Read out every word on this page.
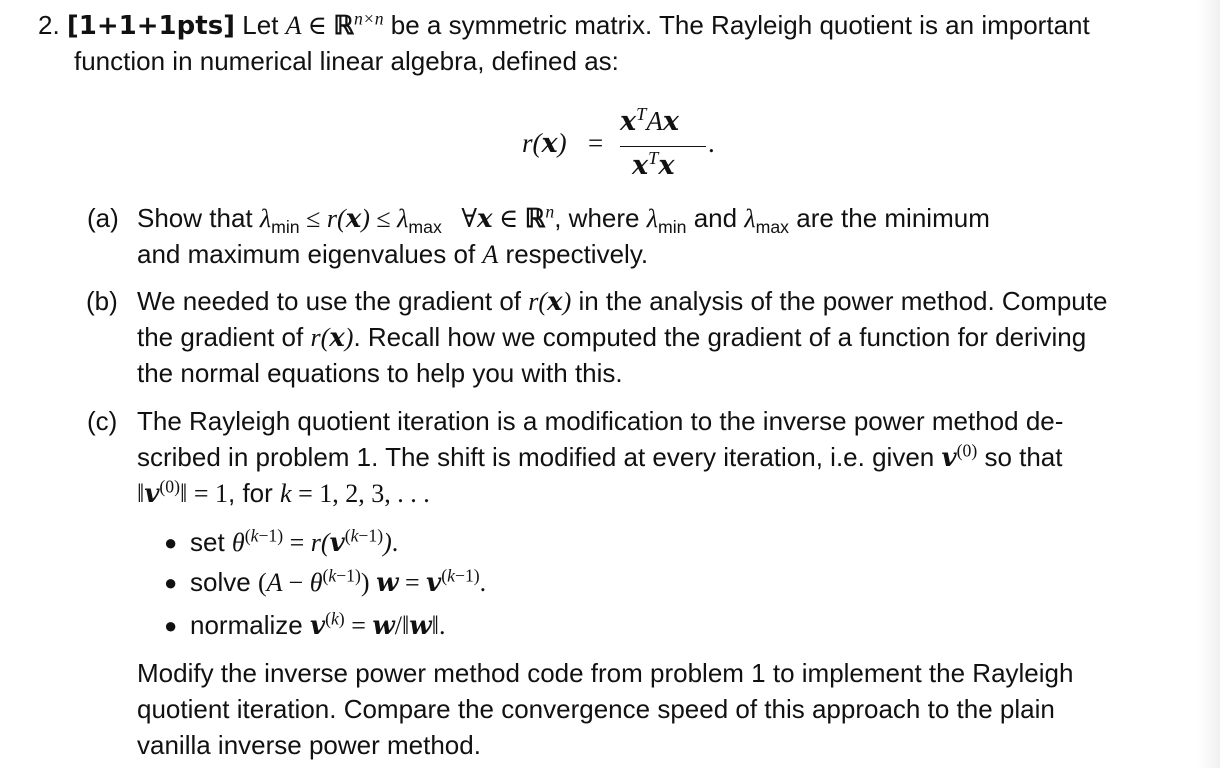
2. [1+1+1pts] Let A ∈ ℝ$^{n\times n}$ be a symmetric matrix. The Rayleigh quotient is an important
function in numerical linear algebra, defined as:
r(x) =
$x^TAx$
$x^Tx$
.
(a) Show that $\lambda_{min} \le r(x) \le \lambda_{max}$ ∀x ∈ ℝ$^n$, where $\lambda_{min}$ and $\lambda_{max}$ are the minimum
and maximum eigenvalues of A respectively.
(b) We needed to use the gradient of r(x) in the analysis of the power method. Compute
the gradient of r(x). Recall how we computed the gradient of a function for deriving
the normal equations to help you with this.
(c) The Rayleigh quotient iteration is a modification to the inverse power method de-
scribed in problem 1. The shift is modified at every iteration, i.e. given $v^{(0)}$ so that
$‖v^{(0)}‖ = 1$, for k = 1, 2, 3, . . .
● set $\theta^{(k-1)} = r(v^{(k-1)})$.
● solve $(A - \theta^{(k-1)})$ $w = v^{(k-1)}$.
● normalize $v^{(k)}$ = w/‖w‖.
Modify the inverse power method code from problem 1 to implement the Rayleigh
quotient iteration. Compare the convergence speed of this approach to the plain
vanilla inverse power method.
